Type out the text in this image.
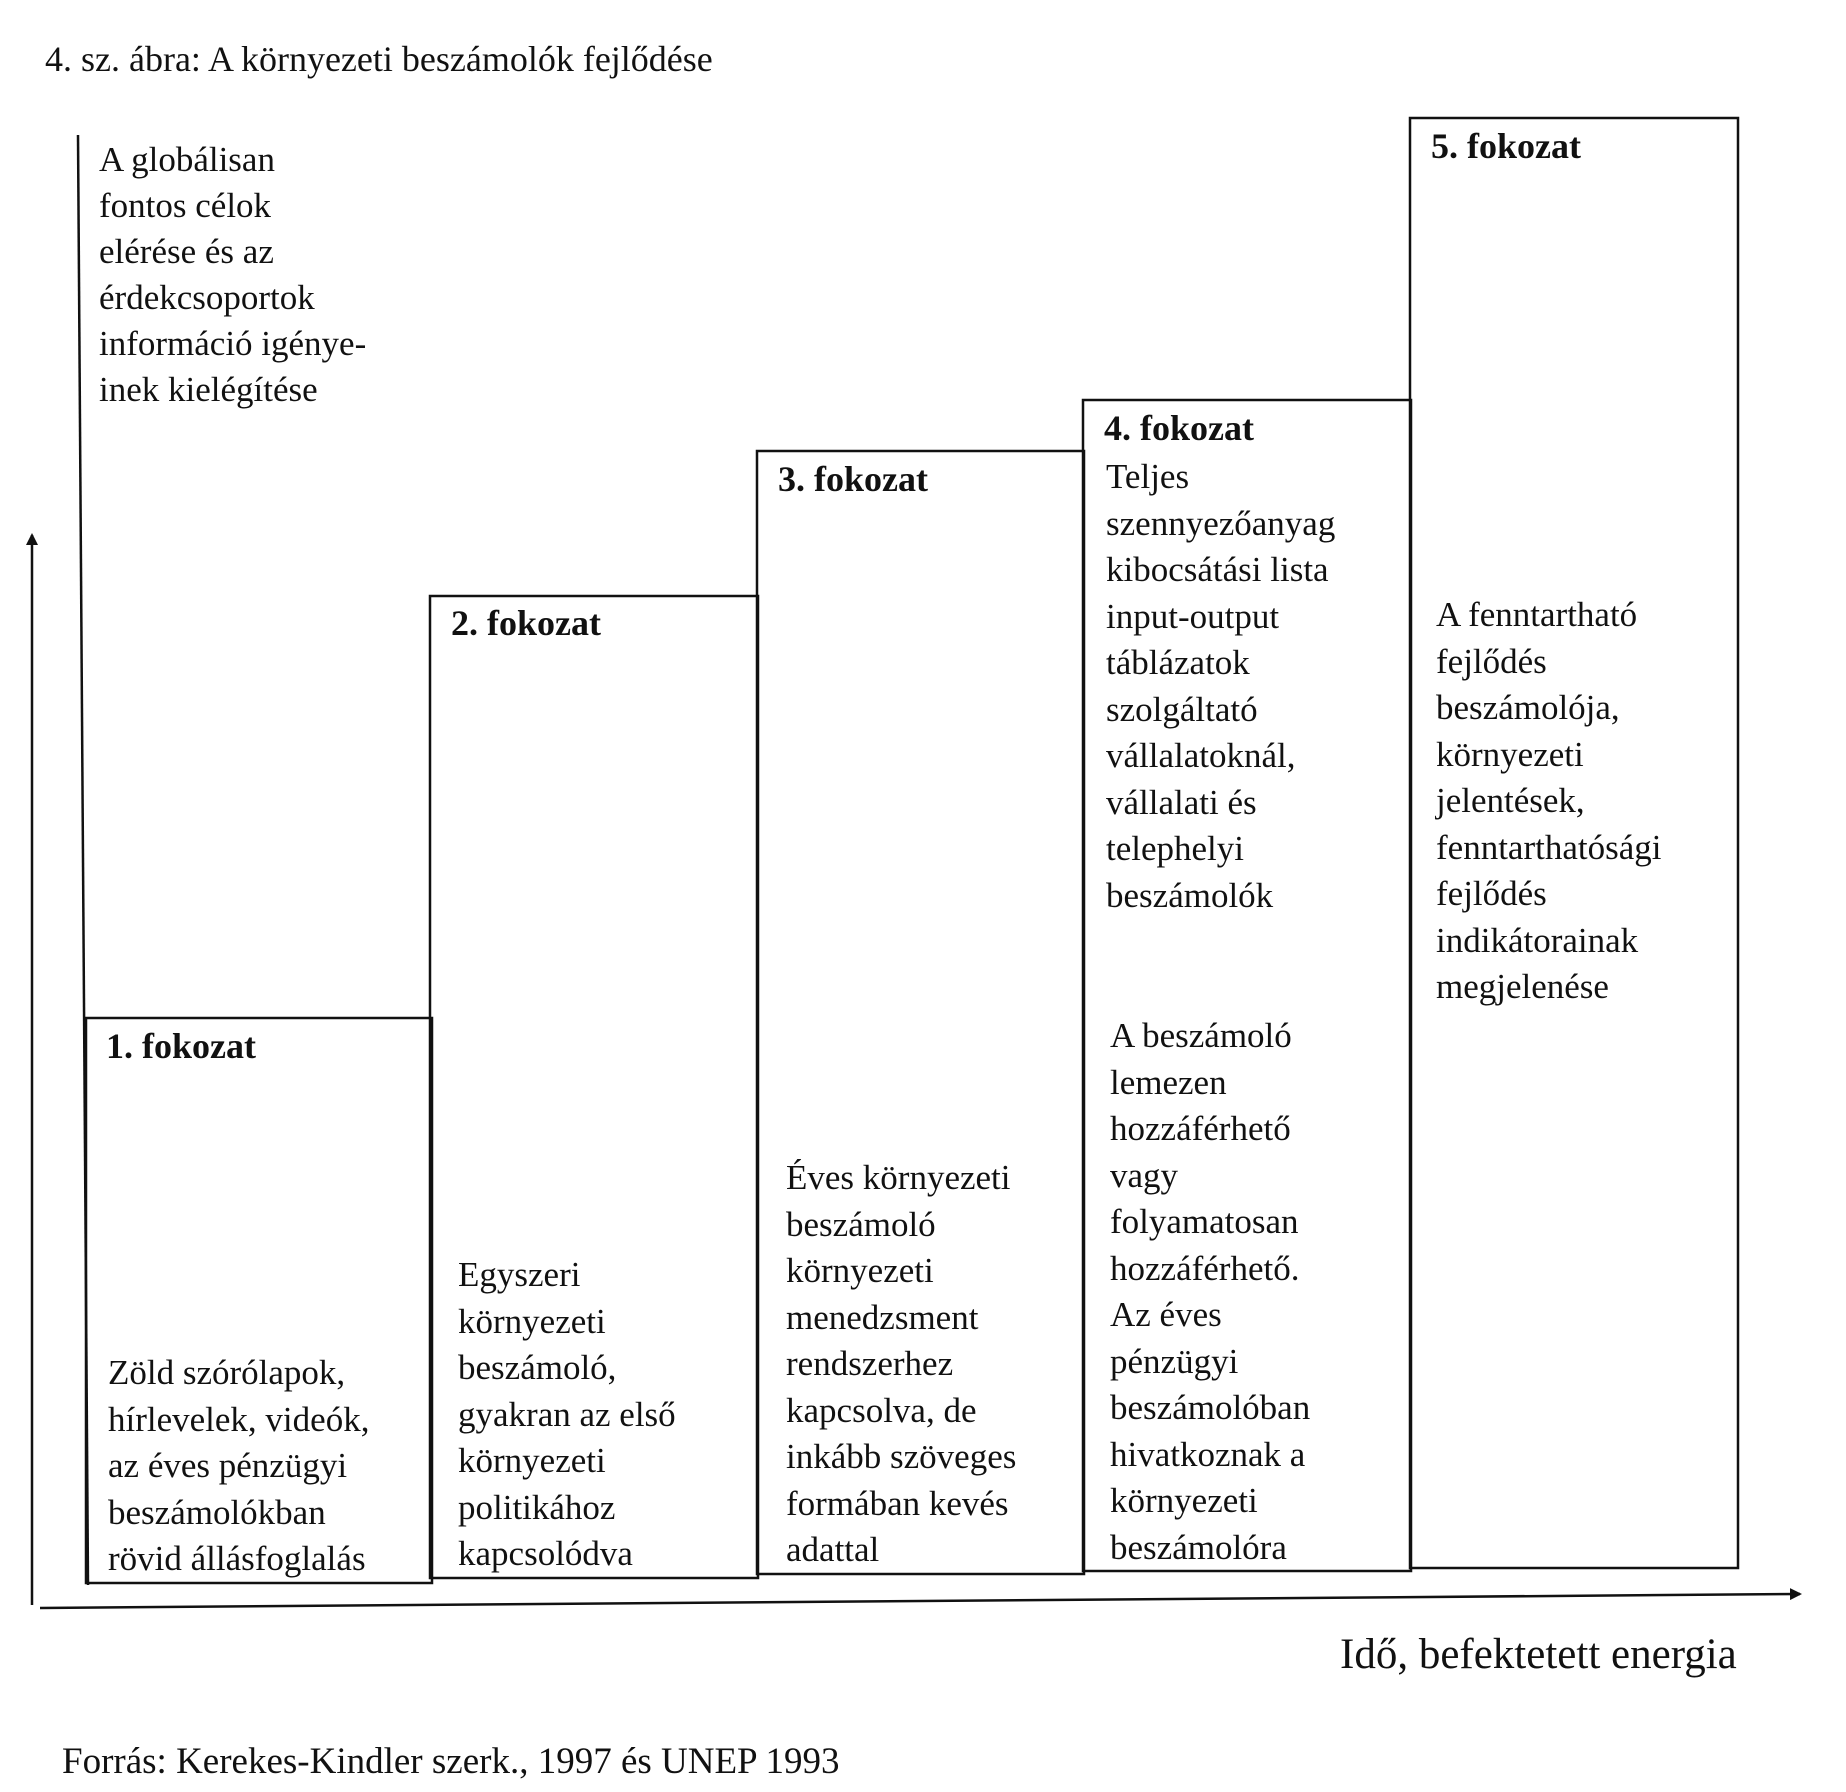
4. sz. ábra: A környezeti beszámolók fejlődése
A globálisan
fontos célok
elérése és az
érdekcsoportok
információ igénye-
inek kielégítése
1. fokozat
Zöld szórólapok,
hírlevelek, videók,
az éves pénzügyi
beszámolókban
rövid állásfoglalás
2. fokozat
Egyszeri
környezeti
beszámoló,
gyakran az első
környezeti
politikához
kapcsolódva
3. fokozat
Éves környezeti
beszámoló
környezeti
menedzsment
rendszerhez
kapcsolva, de
inkább szöveges
formában kevés
adattal
4. fokozat
Teljes
szennyezőanyag
kibocsátási lista
input-output
táblázatok
szolgáltató
vállalatoknál,
vállalati és
telephelyi
beszámolók
A beszámoló
lemezen
hozzáférhető
vagy
folyamatosan
hozzáférhető.
Az éves
pénzügyi
beszámolóban
hivatkoznak a
környezeti
beszámolóra
5. fokozat
A fenntartható
fejlődés
beszámolója,
környezeti
jelentések,
fenntarthatósági
fejlődés
indikátorainak
megjelenése
Idő, befektetett energia
Forrás: Kerekes-Kindler szerk., 1997 és UNEP 1993
